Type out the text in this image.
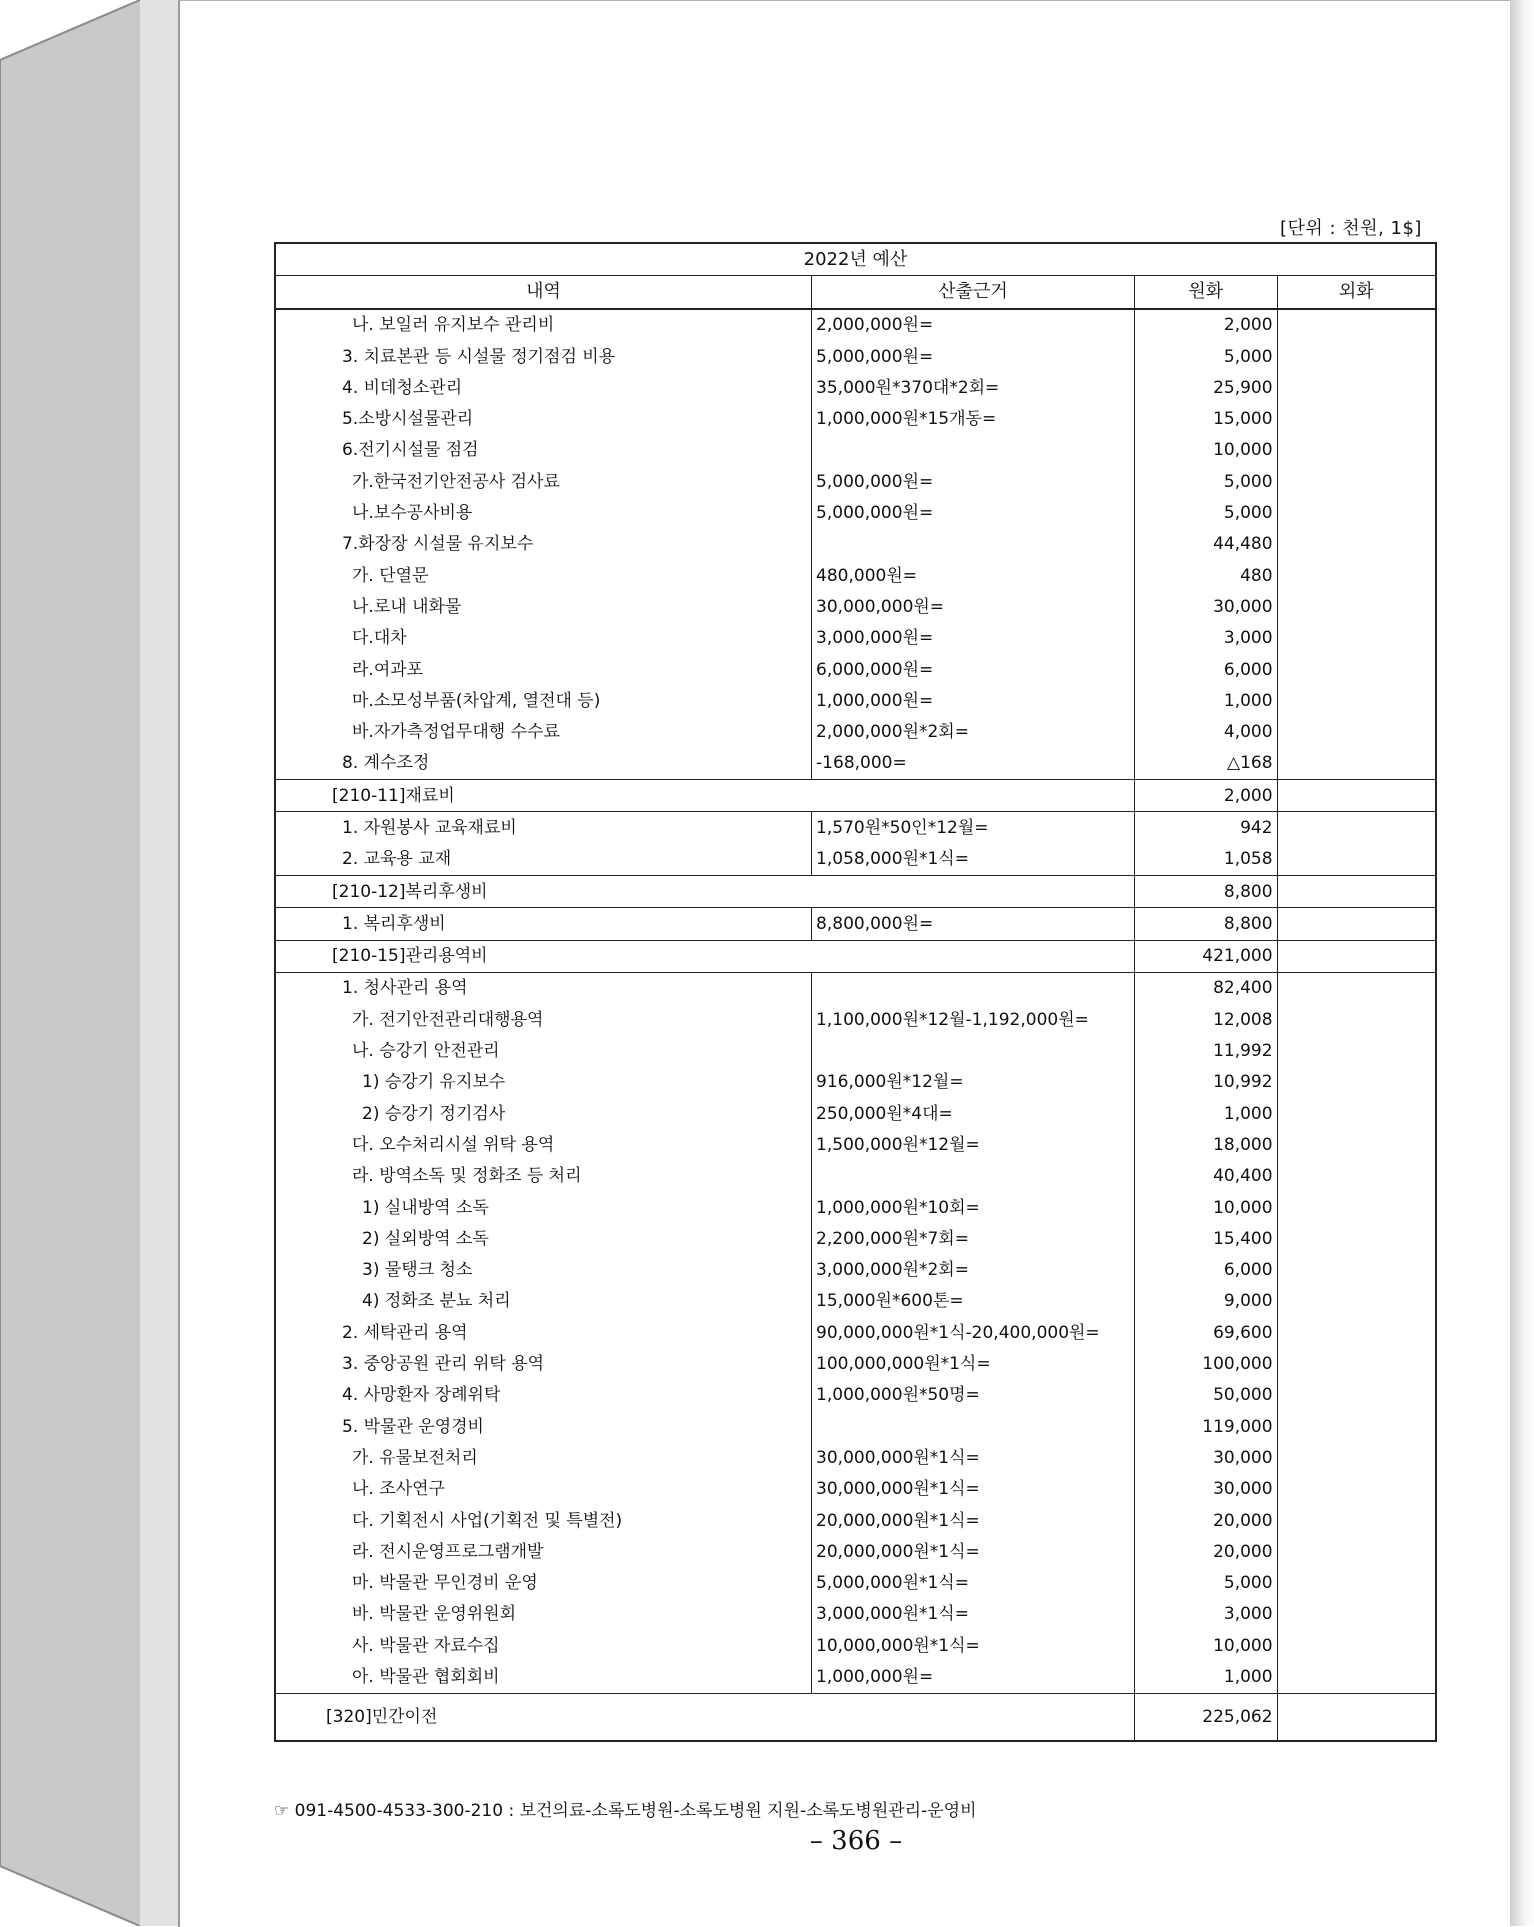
[단위 : 천원, 1$]
2022년 예산			
내역	산출근거	원화	외화
나. 보일러 유지보수 관리비	2,000,000원=	2,000	
3. 치료본관 등 시설물 정기점검 비용	5,000,000원=	5,000	
4. 비데청소관리	35,000원*370대*2회=	25,900	
5.소방시설물관리	1,000,000원*15개동=	15,000	
6.전기시설물 점검		10,000	
가.한국전기안전공사 검사료	5,000,000원=	5,000	
나.보수공사비용	5,000,000원=	5,000	
7.화장장 시설물 유지보수		44,480	
가. 단열문	480,000원=	480	
나.로내 내화물	30,000,000원=	30,000	
다.대차	3,000,000원=	3,000	
라.여과포	6,000,000원=	6,000	
마.소모성부품(차압계, 열전대 등)	1,000,000원=	1,000	
바.자가측정업무대행 수수료	2,000,000원*2회=	4,000	
8. 계수조정	-168,000=	△168	
[210-11]재료비		2,000	
1. 자원봉사 교육재료비	1,570원*50인*12월=	942	
2. 교육용 교재	1,058,000원*1식=	1,058	
[210-12]복리후생비		8,800	
1. 복리후생비	8,800,000원=	8,800	
[210-15]관리용역비		421,000	
1. 청사관리 용역		82,400	
가. 전기안전관리대행용역	1,100,000원*12월-1,192,000원=	12,008	
나. 승강기 안전관리		11,992	
1) 승강기 유지보수	916,000원*12월=	10,992	
2) 승강기 정기검사	250,000원*4대=	1,000	
다. 오수처리시설 위탁 용역	1,500,000원*12월=	18,000	
라. 방역소독 및 정화조 등 처리		40,400	
1) 실내방역 소독	1,000,000원*10회=	10,000	
2) 실외방역 소독	2,200,000원*7회=	15,400	
3) 물탱크 청소	3,000,000원*2회=	6,000	
4) 정화조 분뇨 처리	15,000원*600톤=	9,000	
2. 세탁관리 용역	90,000,000원*1식-20,400,000원=	69,600	
3. 중앙공원 관리 위탁 용역	100,000,000원*1식=	100,000	
4. 사망환자 장례위탁	1,000,000원*50명=	50,000	
5. 박물관 운영경비		119,000	
가. 유물보전처리	30,000,000원*1식=	30,000	
나. 조사연구	30,000,000원*1식=	30,000	
다. 기획전시 사업(기획전 및 특별전)	20,000,000원*1식=	20,000	
라. 전시운영프로그램개발	20,000,000원*1식=	20,000	
마. 박물관 무인경비 운영	5,000,000원*1식=	5,000	
바. 박물관 운영위원회	3,000,000원*1식=	3,000	
사. 박물관 자료수집	10,000,000원*1식=	10,000	
아. 박물관 협회회비	1,000,000원=	1,000	
[320]민간이전		225,062	
☞ 091-4500-4533-300-210 : 보건의료-소록도병원-소록도병원 지원-소록도병원관리-운영비
– 366 –
